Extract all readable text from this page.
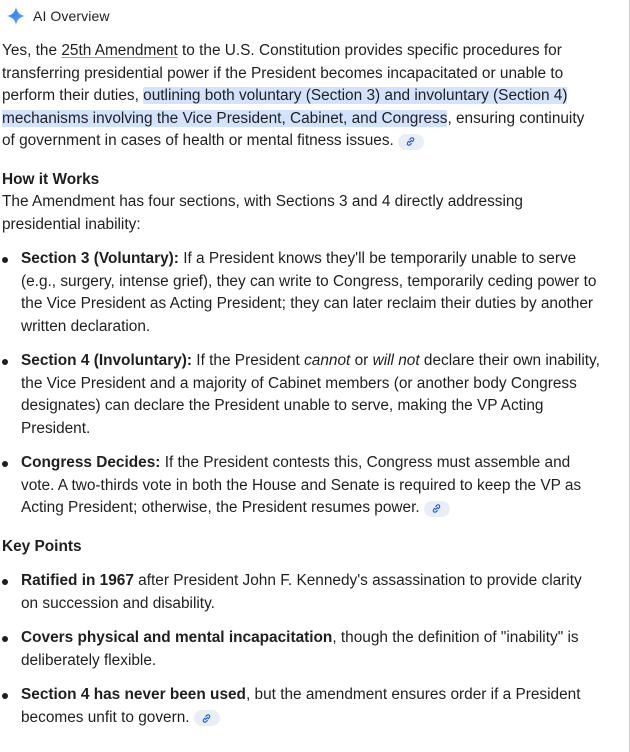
AI Overview

Yes, the 25th Amendment to the U.S. Constitution provides specific procedures for transferring presidential power if the President becomes incapacitated or unable to perform their duties, outlining both voluntary (Section 3) and involuntary (Section 4) mechanisms involving the Vice President, Cabinet, and Congress, ensuring continuity of government in cases of health or mental fitness issues.

How it Works

The Amendment has four sections, with Sections 3 and 4 directly addressing presidential inability:

Section 3 (Voluntary): If a President knows they'll be temporarily unable to serve (e.g., surgery, intense grief), they can write to Congress, temporarily ceding power to the Vice President as Acting President; they can later reclaim their duties by another written declaration.
Section 4 (Involuntary): If the President cannot or will not declare their own inability, the Vice President and a majority of Cabinet members (or another body Congress designates) can declare the President unable to serve, making the VP Acting President.
Congress Decides: If the President contests this, Congress must assemble and vote. A two-thirds vote in both the House and Senate is required to keep the VP as Acting President; otherwise, the President resumes power.
Key Points
Ratified in 1967 after President John F. Kennedy's assassination to provide clarity on succession and disability.
Covers physical and mental incapacitation, though the definition of "inability" is deliberately flexible.
Section 4 has never been used, but the amendment ensures order if a President becomes unfit to govern.
